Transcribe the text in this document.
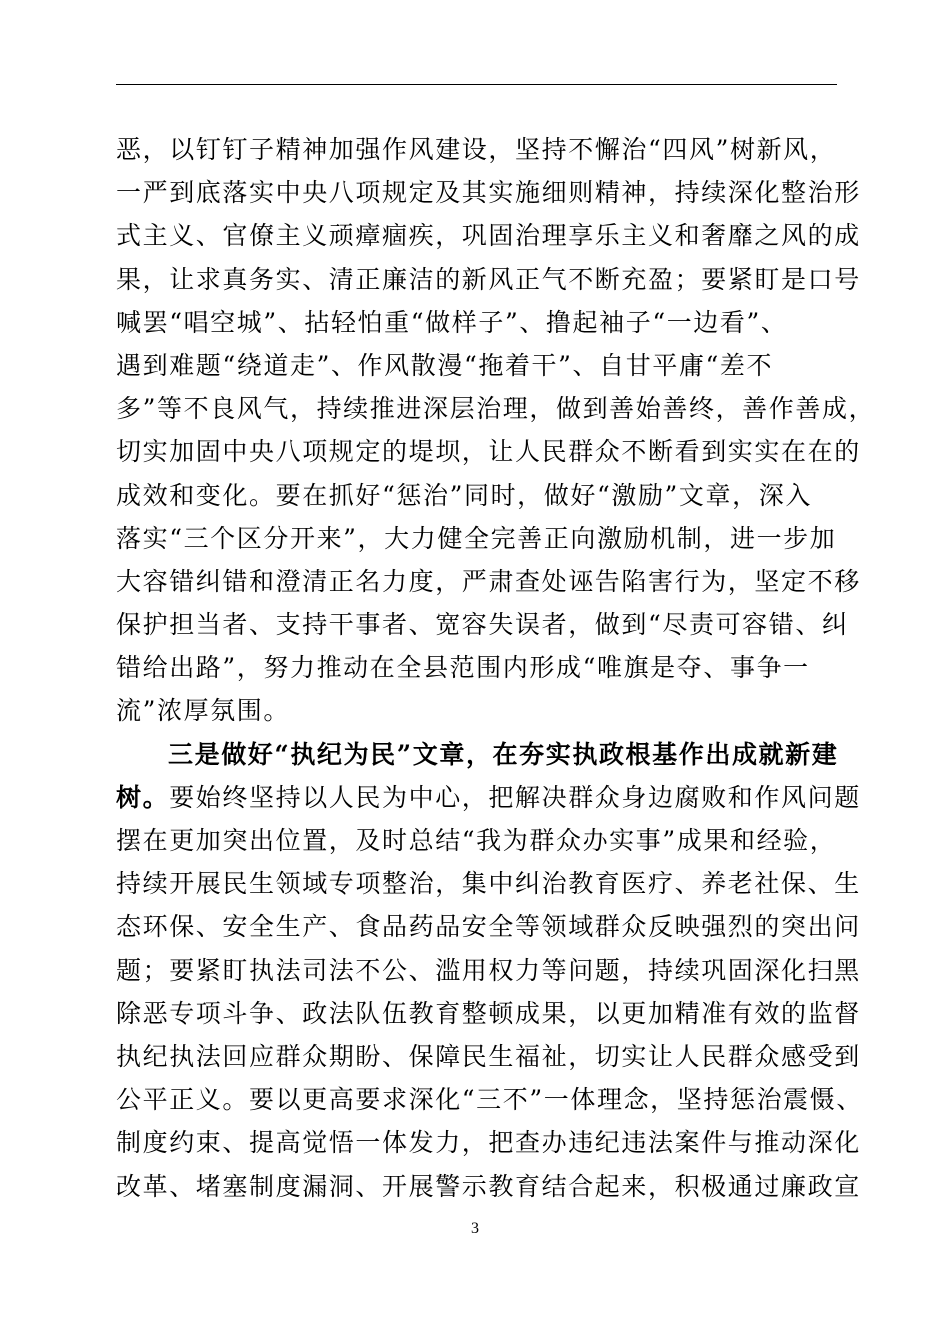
恶，以钉钉子精神加强作风建设，坚持不懈治“四风”树新风，
一严到底落实中央八项规定及其实施细则精神，持续深化整治形
式主义、官僚主义顽瘴痼疾，巩固治理享乐主义和奢靡之风的成
果，让求真务实、清正廉洁的新风正气不断充盈；要紧盯是口号
喊罢“唱空城”、拈轻怕重“做样子”、撸起袖子“一边看”、
遇到难题“绕道走”、作风散漫“拖着干”、自甘平庸“差不
多”等不良风气，持续推进深层治理，做到善始善终，善作善成，
切实加固中央八项规定的堤坝，让人民群众不断看到实实在在的
成效和变化。要在抓好“惩治”同时，做好“激励”文章，深入
落实“三个区分开来”，大力健全完善正向激励机制，进一步加
大容错纠错和澄清正名力度，严肃查处诬告陷害行为，坚定不移
保护担当者、支持干事者、宽容失误者，做到“尽责可容错、纠
错给出路”，努力推动在全县范围内形成“唯旗是夺、事争一
流”浓厚氛围。
三是做好“执纪为民”文章，在夯实执政根基作出成就新建
树。要始终坚持以人民为中心，把解决群众身边腐败和作风问题
摆在更加突出位置，及时总结“我为群众办实事”成果和经验，
持续开展民生领域专项整治，集中纠治教育医疗、养老社保、生
态环保、安全生产、食品药品安全等领域群众反映强烈的突出问
题；要紧盯执法司法不公、滥用权力等问题，持续巩固深化扫黑
除恶专项斗争、政法队伍教育整顿成果，以更加精准有效的监督
执纪执法回应群众期盼、保障民生福祉，切实让人民群众感受到
公平正义。要以更高要求深化“三不”一体理念，坚持惩治震慑、
制度约束、提高觉悟一体发力，把查办违纪违法案件与推动深化
改革、堵塞制度漏洞、开展警示教育结合起来，积极通过廉政宣
3
